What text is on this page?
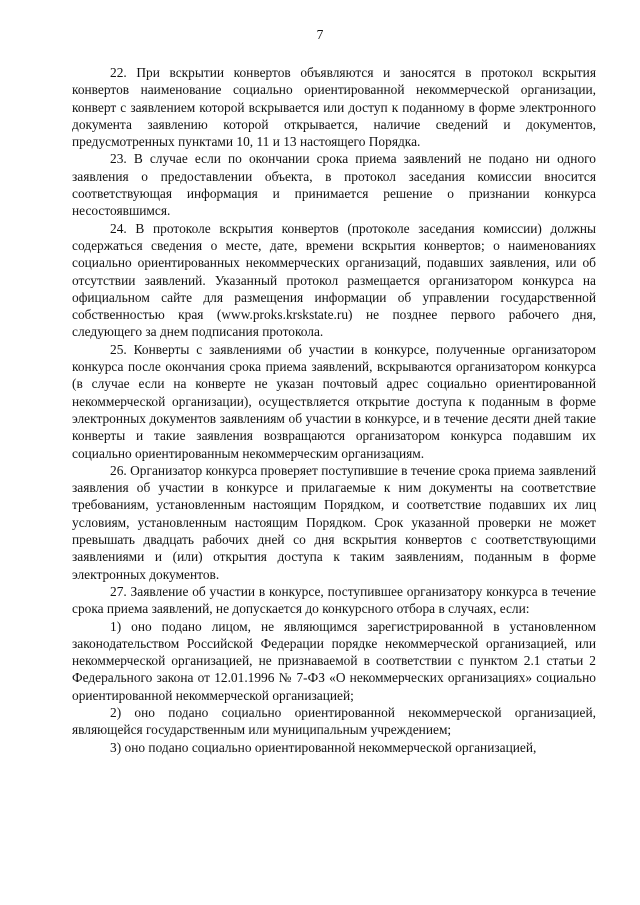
7

22. При вскрытии конвертов объявляются и заносятся в протокол вскрытия конвертов наименование социально ориентированной некоммерческой организации, конверт с заявлением которой вскрывается или доступ к поданному в форме электронного документа заявлению которой открывается, наличие сведений и документов, предусмотренных пунктами 10, 11 и 13 настоящего Порядка.

23. В случае если по окончании срока приема заявлений не подано ни одного заявления о предоставлении объекта, в протокол заседания комиссии вносится соответствующая информация и принимается решение о признании конкурса несостоявшимся.

24. В протоколе вскрытия конвертов (протоколе заседания комиссии) должны содержаться сведения о месте, дате, времени вскрытия конвертов; о наименованиях социально ориентированных некоммерческих организаций, подавших заявления, или об отсутствии заявлений. Указанный протокол размещается организатором конкурса на официальном сайте для размещения информации об управлении государственной собственностью края (www.proks.krskstate.ru) не позднее первого рабочего дня, следующего за днем подписания протокола.

25. Конверты с заявлениями об участии в конкурсе, полученные организатором конкурса после окончания срока приема заявлений, вскрываются организатором конкурса (в случае если на конверте не указан почтовый адрес социально ориентированной некоммерческой организации), осуществляется открытие доступа к поданным в форме электронных документов заявлениям об участии в конкурсе, и в течение десяти дней такие конверты и такие заявления возвращаются организатором конкурса подавшим их социально ориентированным некоммерческим организациям.

26. Организатор конкурса проверяет поступившие в течение срока приема заявлений заявления об участии в конкурсе и прилагаемые к ним документы на соответствие требованиям, установленным настоящим Порядком, и соответствие подавших их лиц условиям, установленным настоящим Порядком. Срок указанной проверки не может превышать двадцать рабочих дней со дня вскрытия конвертов с соответствующими заявлениями и (или) открытия доступа к таким заявлениям, поданным в форме электронных документов.

27. Заявление об участии в конкурсе, поступившее организатору конкурса в течение срока приема заявлений, не допускается до конкурсного отбора в случаях, если:

1) оно подано лицом, не являющимся зарегистрированной в установленном законодательством Российской Федерации порядке некоммерческой организацией, или некоммерческой организацией, не признаваемой в соответствии с пунктом 2.1 статьи 2 Федерального закона от 12.01.1996 № 7-ФЗ «О некоммерческих организациях» социально ориентированной некоммерческой организацией;

2) оно подано социально ориентированной некоммерческой организацией, являющейся государственным или муниципальным учреждением;

3) оно подано социально ориентированной некоммерческой организацией,
